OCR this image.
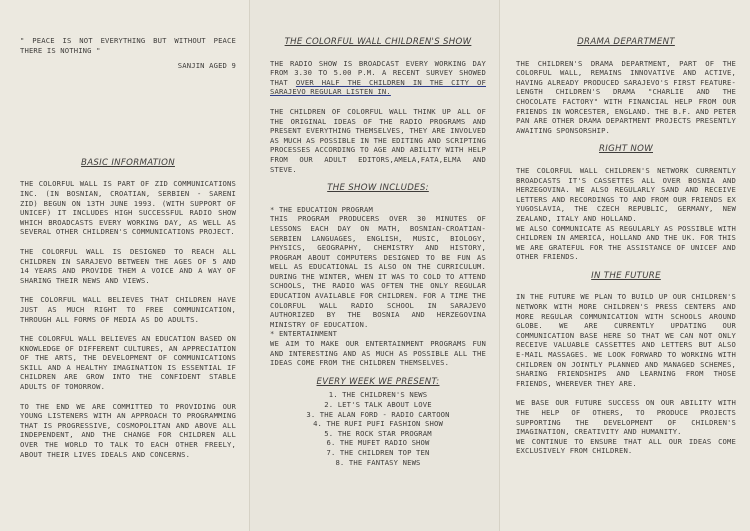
" PEACE IS NOT EVERYTHING BUT WITHOUT PEACE THERE IS NOTHING "

SANJIN AGED 9

BASIC INFORMATION

THE COLORFUL WALL IS PART OF ZID COMMUNICATIONS INC. (IN BOSNIAN, CROATIAN, SERBIEN - SARENI ZID) BEGUN ON 13TH JUNE 1993. (WITH SUPPORT OF UNICEF) IT INCLUDES HIGH SUCCESSFUL RADIO SHOW WHICH BROADCASTS EVERY WORKING DAY, AS WELL AS SEVERAL OTHER CHILDREN'S COMMUNICATIONS PROJECT.

THE COLORFUL WALL IS DESIGNED TO REACH ALL CHILDREN IN SARAJEVO BETWEEN THE AGES OF 5 AND 14 YEARS AND PROVIDE THEM A VOICE AND A WAY OF SHARING THEIR NEWS AND VIEWS.

THE COLORFUL WALL BELIEVES THAT CHILDREN HAVE JUST AS MUCH RIGHT TO FREE COMMUNICATION, THROUGH ALL FORMS OF MEDIA AS DO ADULTS.

THE COLORFUL WALL BELIEVES AN EDUCATION BASED ON KNOWLEDGE OF DIFFERENT CULTURES, AN APPRECIATION OF THE ARTS, THE DEVELOPMENT OF COMMUNICATIONS SKILL AND A HEALTHY IMAGINATION IS ESSENTIAL IF CHILDREN ARE GROW INTO THE CONFIDENT STABLE ADULTS OF TOMORROW.

TO THE END WE ARE COMMITTED TO PROVIDING OUR YOUNG LISTENERS WITH AN APPROACH TO PROGRAMMING THAT IS PROGRESSIVE, COSMOPOLITAN AND ABOVE ALL INDEPENDENT, AND THE CHANGE FOR CHILDREN ALL OVER THE WORLD TO TALK TO EACH OTHER FREELY, ABOUT THEIR LIVES IDEALS AND CONCERNS.

THE COLORFUL WALL CHILDREN'S SHOW

THE RADIO SHOW IS BROADCAST EVERY WORKING DAY FROM 3.30 TO 5.00 P.M. A RECENT SURVEY SHOWED THAT OVER HALF THE CHILDREN IN THE CITY OF SARAJEVO REGULAR LISTEN IN.

THE CHILDREN OF COLORFUL WALL THINK UP ALL OF THE ORIGINAL IDEAS OF THE RADIO PROGRAMS AND PRESENT EVERYTHING THEMSELVES, THEY ARE INVOLVED AS MUCH AS POSSIBLE IN THE EDITING AND SCRIPTING PROCESSES ACCORDING TO AGE AND ABILITY WITH HELP FROM OUR ADULT EDITORS,AMELA,FATA,ELMA AND STEVE.

THE SHOW INCLUDES:

* THE EDUCATION PROGRAM

THIS PROGRAM PRODUCERS OVER 30 MINUTES OF LESSONS EACH DAY ON MATH, BOSNIAN-CROATIAN-SERBIEN LANGUAGES, ENGLISH, MUSIC, BIOLOGY, PHYSICS, GEOGRAPHY, CHEMISTRY AND HISTORY, PROGRAM ABOUT COMPUTERS DESIGNED TO BE FUN AS WELL AS EDUCATIONAL IS ALSO ON THE CURRICULUM. DURING THE WINTER, WHEN IT WAS TO COLD TO ATTEND SCHOOLS, THE RADIO WAS OFTEN THE ONLY REGULAR EDUCATION AVAILABLE FOR CHILDREN. FOR A TIME THE COLORFUL WALL RADIO SCHOOL IN SARAJEVO AUTHORIZED BY THE BOSNIA AND HERZEGOVINA MINISTRY OF EDUCATION.

* ENTERTAINMENT

WE AIM TO MAKE OUR ENTERTAINMENT PROGRAMS FUN AND INTERESTING AND AS MUCH AS POSSIBLE ALL THE IDEAS COME FROM THE CHILDREN THEMSELVES.

EVERY WEEK WE PRESENT:
1. THE CHILDREN'S NEWS
2. LET'S TALK ABOUT LOVE
3. THE ALAN FORD - RADIO CARTOON
4. THE RUFI PUFI FASHION SHOW
5. THE ROCK STAR PROGRAM
6. THE MUFET RADIO SHOW
7. THE CHILDREN TOP TEN
8. THE FANTASY NEWS
DRAMA DEPARTMENT

THE CHILDREN'S DRAMA DEPARTMENT, PART OF THE COLORFUL WALL, REMAINS INNOVATIVE AND ACTIVE, HAVING ALREADY PRODUCED SARAJEVO'S FIRST FEATURE-LENGTH CHILDREN'S DRAMA "CHARLIE AND THE CHOCOLATE FACTORY" WITH FINANCIAL HELP FROM OUR FRIENDS IN WORCESTER, ENGLAND. THE B.F. AND PETER PAN ARE OTHER DRAMA DEPARTMENT PROJECTS PRESENTLY AWAITING SPONSORSHIP.

RIGHT NOW

THE COLORFUL WALL CHILDREN'S NETWORK CURRENTLY BROADCASTS IT'S CASSETTES ALL OVER BOSNIA AND HERZEGOVINA. WE ALSO REGULARLY SAND AND RECEIVE LETTERS AND RECORDINGS TO AND FROM OUR FRIENDS EX YUGOSLAVIA, THE CZECH REPUBLIC, GERMANY, NEW ZEALAND, ITALY AND HOLLAND.

WE ALSO COMMUNICATE AS REGULARLY AS POSSIBLE WITH CHILDREN IN AMERICA, HOLLAND AND THE UK. FOR THIS WE ARE GRATEFUL FOR THE ASSISTANCE OF UNICEF AND OTHER FRIENDS.

IN THE FUTURE

IN THE FUTURE WE PLAN TO BUILD UP OUR CHILDREN'S NETWORK WITH MORE CHILDREN'S PRESS CENTERS AND MORE REGULAR COMMUNICATION WITH SCHOOLS AROUND GLOBE. WE ARE CURRENTLY UPDATING OUR COMMUNICATION BASE HERE SO THAT WE CAN NOT ONLY RECEIVE VALUABLE CASSETTES AND LETTERS BUT ALSO E-MAIL MASSAGES. WE LOOK FORWARD TO WORKING WITH CHILDREN ON JOINTLY PLANNED AND MANAGED SCHEMES, SHARING FRIENDSHIPS AND LEARNING FROM THOSE FRIENDS, WHEREVER THEY ARE.

WE BASE OUR FUTURE SUCCESS ON OUR ABILITY WITH THE HELP OF OTHERS, TO PRODUCE PROJECTS SUPPORTING THE DEVELOPMENT OF CHILDREN'S IMAGINATION, CREATIVITY AND HUMANITY.

WE CONTINUE TO ENSURE THAT ALL OUR IDEAS COME EXCLUSIVELY FROM CHILDREN.
